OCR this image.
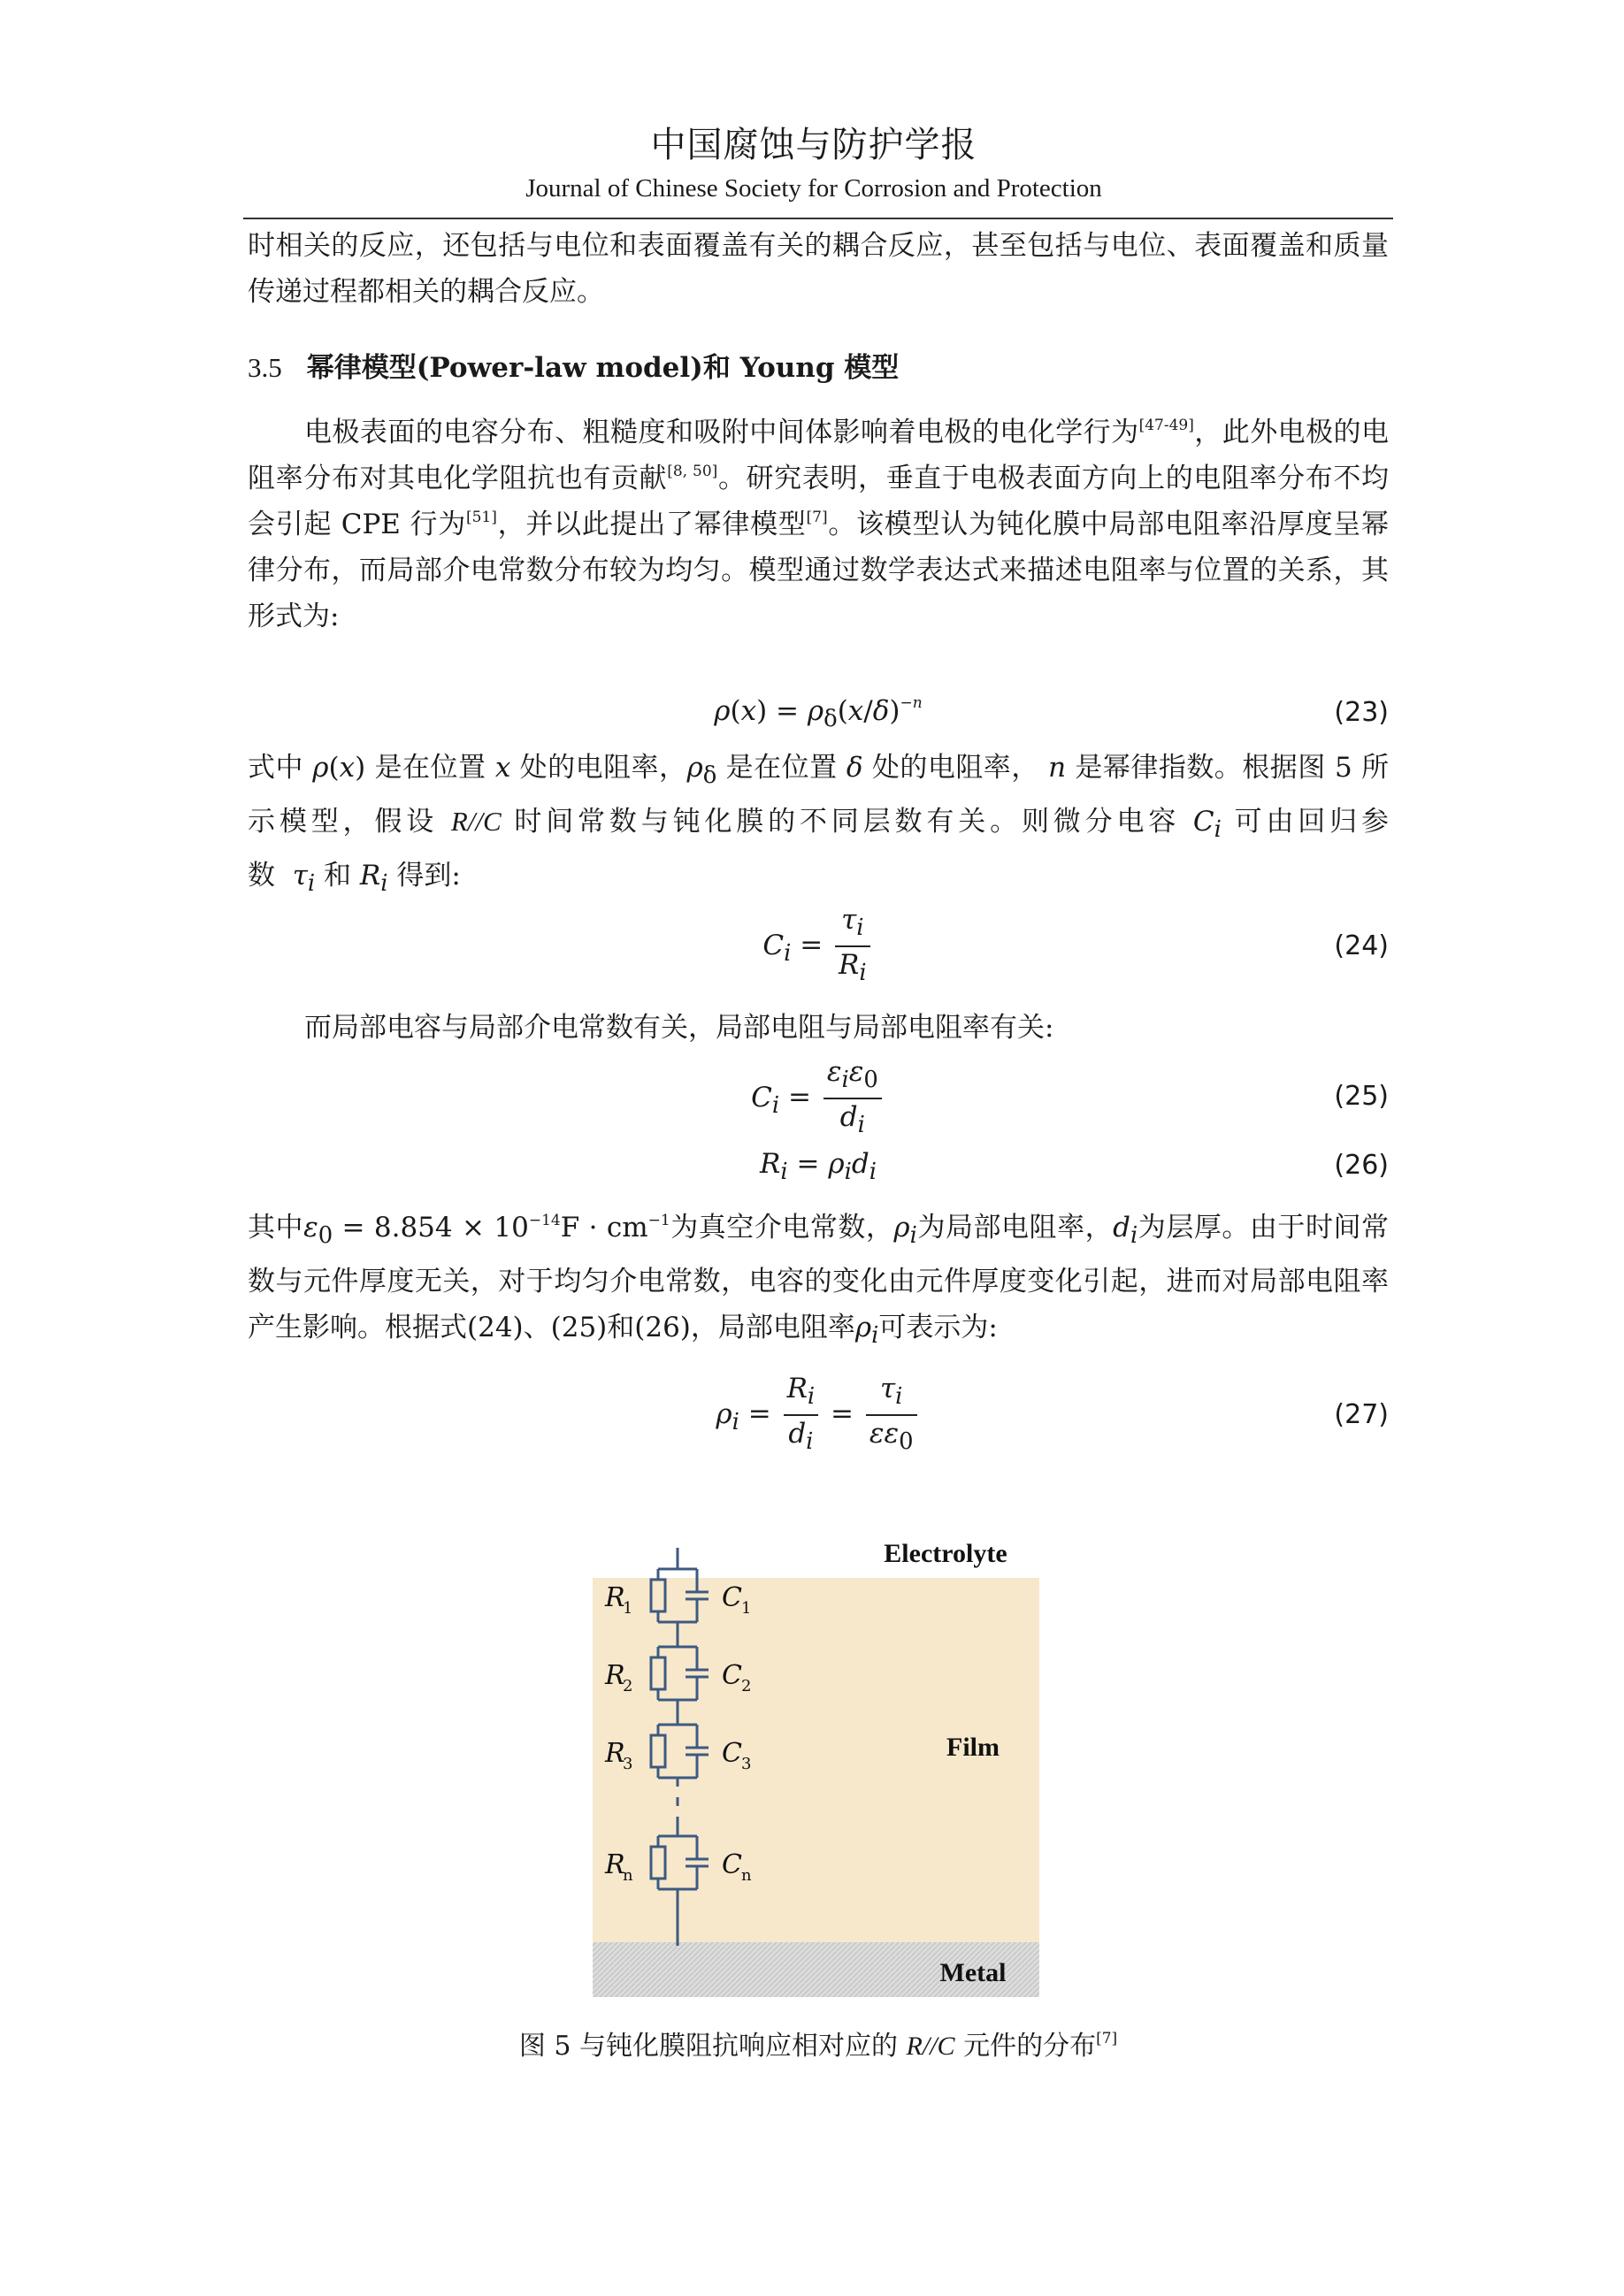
中国腐蚀与防护学报
Journal of Chinese Society for Corrosion and Protection

时相关的反应，还包括与电位和表面覆盖有关的耦合反应，甚至包括与电位、表面覆盖和质量传递过程都相关的耦合反应。

3.5 幂律模型(Power-law model)和 Young 模型

电极表面的电容分布、粗糙度和吸附中间体影响着电极的电化学行为[47-49]，此外电极的电阻率分布对其电化学阻抗也有贡献[8, 50]。研究表明，垂直于电极表面方向上的电阻率分布不均会引起 CPE 行为[51]，并以此提出了幂律模型[7]。该模型认为钝化膜中局部电阻率沿厚度呈幂律分布，而局部介电常数分布较为均匀。模型通过数学表达式来描述电阻率与位置的关系，其形式为:

$\rho(x) = \rho_\delta(x/\delta)^{-n}$	(23)

式中 ρ(x) 是在位置 x 处的电阻率，$\rho_\delta$ 是在位置 δ 处的电阻率， n 是幂律指数。根据图 5 所示模型，假设 R//C 时间常数与钝化膜的不同层数有关。则微分电容 $C_i$ 可由回归参数 $\tau_i$ 和 $R_i$ 得到:

$C_i = \frac{\tau_i}{R_i}$	(24)

而局部电容与局部介电常数有关，局部电阻与局部电阻率有关:

$C_i = \frac{\varepsilon_i\varepsilon_0}{d_i}$	(25)
$R_i = \rho_id_i$	(26)

其中$\varepsilon_0 = 8.854 \times 10^{-14}F \cdot cm^{-1}$为真空介电常数，$\rho_i$为局部电阻率，$d_i$为层厚。由于时间常数与元件厚度无关，对于均匀介电常数，电容的变化由元件厚度变化引起，进而对局部电阻率产生影响。根据式(24)、(25)和(26)，局部电阻率$\rho_i$可表示为:

$\rho_i = \frac{R_i}{d_i} = \frac{\tau_i}{\varepsilon\varepsilon_0}$	(27)
Electrolyte
Film
Metal
R
1	C 1
R
2	C 2
R
3	C 3
R
n	C n
图 5 与钝化膜阻抗响应相对应的 R//C 元件的分布[7]
